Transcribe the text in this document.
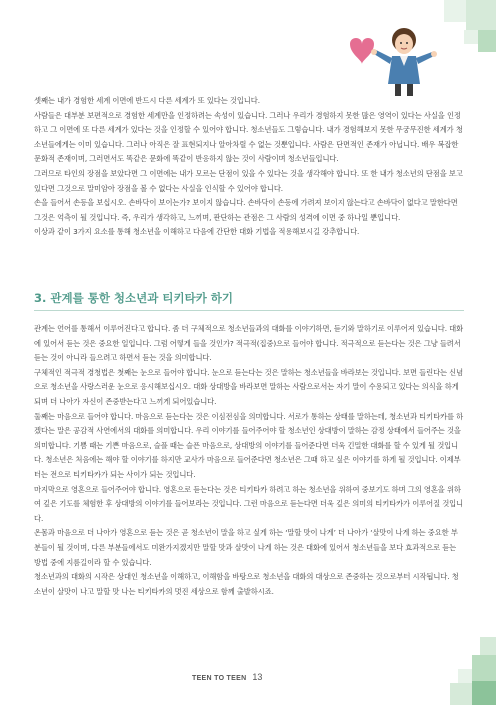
셋째는 내가 경험한 세계 이면에 반드시 다른 세계가 또 있다는 것입니다.

사람들은 대부분 보편적으로 경험한 세계만을 인정하려는 속성이 있습니다. 그러나 우리가 경험하지 못한 많은 영역이 있다는 사실을 인정하고 그 이면에 또 다른 세계가 있다는 것을 인정할 수 있어야 합니다. 청소년들도 그렇습니다. 내가 경험해보지 못한 무궁무진한 세계가 청소년들에게는 이미 있습니다. 그러나 아직은 잘 표현되지나 알아차릴 수 없는 것뿐입니다. 사람은 단면적인 존재가 아닙니다. 배우 복잡한 문화적 존재이며, 그러면서도 똑같은 문화에 똑같이 반응하지 않는 것이 사람이며 청소년들입니다.

그러므로 타인의 장점을 보았다면 그 이면에는 내가 모르는 단점이 있을 수 있다는 것을 생각해야 합니다. 또 한 내가 청소년의 단점을 보고 있다면 그것으로 말미암아 장점을 볼 수 없다는 사실을 인식할 수 있어야 합니다.

손을 들어서 손등을 보십시오. 손바닥이 보이는가? 보이지 않습니다. 손바닥이 손등에 가려져 보이지 않는다고 손바닥이 없다고 말한다면 그것은 억측이 될 것입니다. 즉, 우리가 생각하고, 느끼며, 판단하는 관점은 그 사람의 성격에 이면 중 하나일 뿐입니다.

이상과 같이 3가지 요소를 통해 청소년을 이해하고 다음에 간단한 대화 기법을 적용해보시길 강추합니다.

3. 관계를 통한 청소년과 티키타카 하기

관계는 언어를 통해서 이루어진다고 합니다. 좀 더 구체적으로 청소년들과의 대화를 이야기하면, 듣기와 말하기로 이루어져 있습니다. 대화에 있어서 듣는 것은 중요한 일입니다. 그럼 어떻게 들을 것인가? 적극적(집중)으로 들어야 합니다. 적극적으로 듣는다는 것은 그냥 들려서 듣는 것이 아니라 들으려고 하면서 듣는 것을 의미합니다.

구체적인 적극적 경청법은 첫째는 눈으로 들어야 합니다. 눈으로 듣는다는 것은 말하는 청소년들을 바라보는 것입니다. 보면 들린다는 신념으로 청소년을 사랑스러운 눈으로 응시해보십시오. 대화 상대방을 바라보면 말하는 사람으로서는 자기 말이 수용되고 있다는 의식을 하게 되며 더 나아가 자신이 존중받는다고 느끼게 되어있습니다.

둘째는 마음으로 들어야 합니다. 마음으로 듣는다는 것은 이심전심을 의미합니다. 서로가 통하는 상태를 말하는데, 청소년과 티키타카를 하겠다는 말은 공감적 사연에서의 대화를 의미합니다. 우리 이야기를 들어주어야 할 청소년인 상대방이 말하는 감정 상태에서 들어주는 것을 의미합니다. 기쁨 때는 기쁜 마음으로, 슬플 때는 슬픈 마음으로, 상대방의 이야기를 들어준다면 더욱 긴밀한 대화를 할 수 있게 될 것입니다. 청소년은 처음에는 해야 할 이야기를 하지만 교사가 마음으로 들어준다면 청소년은 그때 하고 싶은 이야기를 하게 될 것입니다. 이제부터는 전으로 티키타카가 되는 사이가 되는 것입니다.

마지막으로 영혼으로 들어주어야 합니다. 영혼으로 듣는다는 것은 티키타카 하려고 하는 청소년을 위하여 중보기도 하며 그의 영혼을 위하여 깊은 기도를 체험한 후 상대방의 이야기를 들어보라는 것입니다. 그런 마음으로 듣는다면 더욱 깊은 의미의 티키타카가 이루어질 것입니다.

온몸과 마음으로 더 나아가 영혼으로 듣는 것은 곧 청소년이 말을 하고 싶게 하는 ‘말할 맛이 나게’ 더 나아가 ‘살맛이 나게 하는 중요한 부분들이 될 것이며, 다른 부분들에서도 미완가지겠지만 말할 맛과 살맛이 나게 하는 것은 대화에 있어서 청소년들을 보다 효과적으로 듣는 방법 중에 지름길이라 할 수 있습니다.

청소년과의 대화의 시작은 상대인 청소년을 이해하고, 이해함을 바탕으로 청소년을 대화의 대상으로 존중하는 것으로부터 시작됩니다. 청소년이 살맛이 나고 말할 맛 나는 티키타카의 멋진 세상으로 함께 출발하시죠.

TEEN TO TEEN 13
